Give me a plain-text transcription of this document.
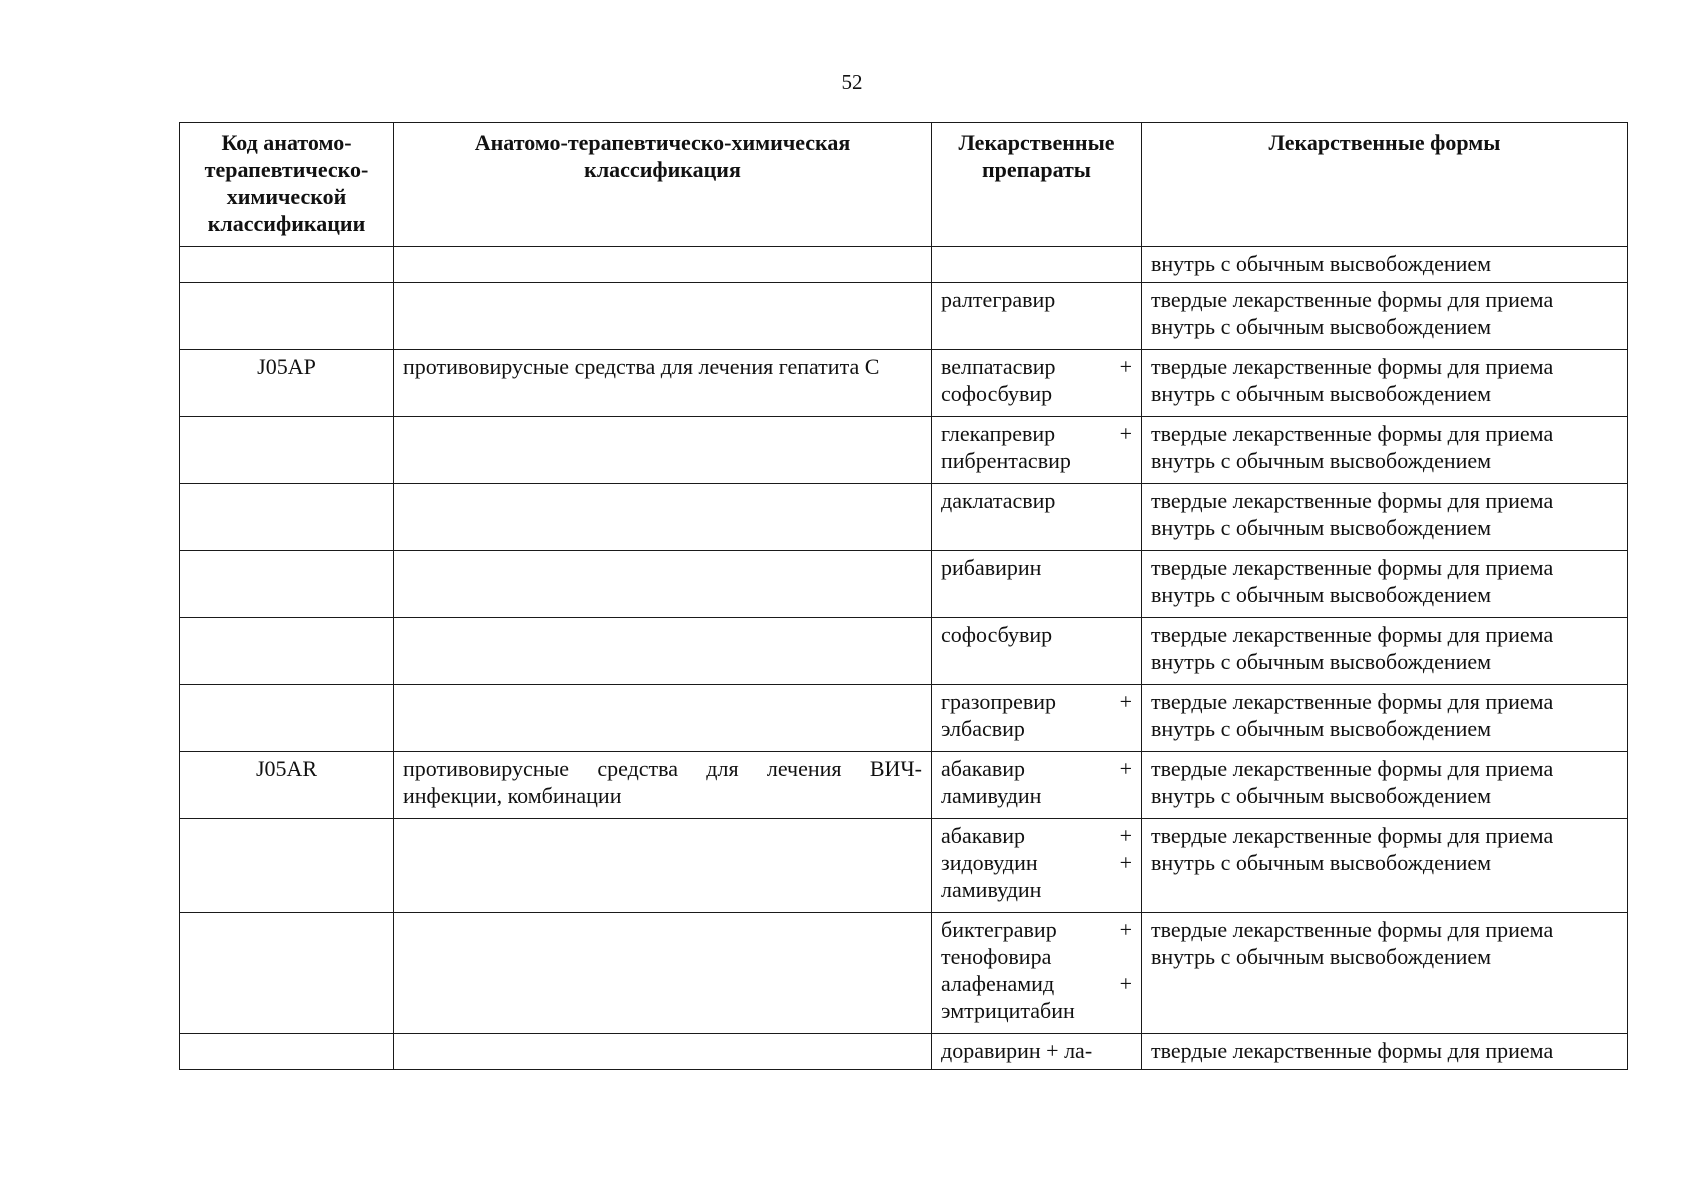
52
Код анатомо-терапевтическо-химической классификации	Анатомо-терапевтическо-химическая классификация	Лекарственные препараты	Лекарственные формы
			внутрь с обычным высвобождением
		ралтегравир	твердые лекарственные формы для приема внутрь с обычным высвобождением
J05AP	противовирусные средства для лечения гепатита С	велпатасвир + софосбувир	твердые лекарственные формы для приема внутрь с обычным высвобождением
		глекапревир + пибрентасвир	твердые лекарственные формы для приема внутрь с обычным высвобождением
		даклатасвир	твердые лекарственные формы для приема внутрь с обычным высвобождением
		рибавирин	твердые лекарственные формы для приема внутрь с обычным высвобождением
		софосбувир	твердые лекарственные формы для приема внутрь с обычным высвобождением
		гразопревир + элбасвир	твердые лекарственные формы для приема внутрь с обычным высвобождением
J05AR	противовирусные средства для лечения ВИЧ-инфекции, комбинации	абакавир + ламивудин	твердые лекарственные формы для приема внутрь с обычным высвобождением
		абакавир + зидовудин + ламивудин	твердые лекарственные формы для приема внутрь с обычным высвобождением
		биктегравир + тенофовира алафенамид + эмтрицитабин	твердые лекарственные формы для приема внутрь с обычным высвобождением
		доравирин + ла-	твердые лекарственные формы для приема
